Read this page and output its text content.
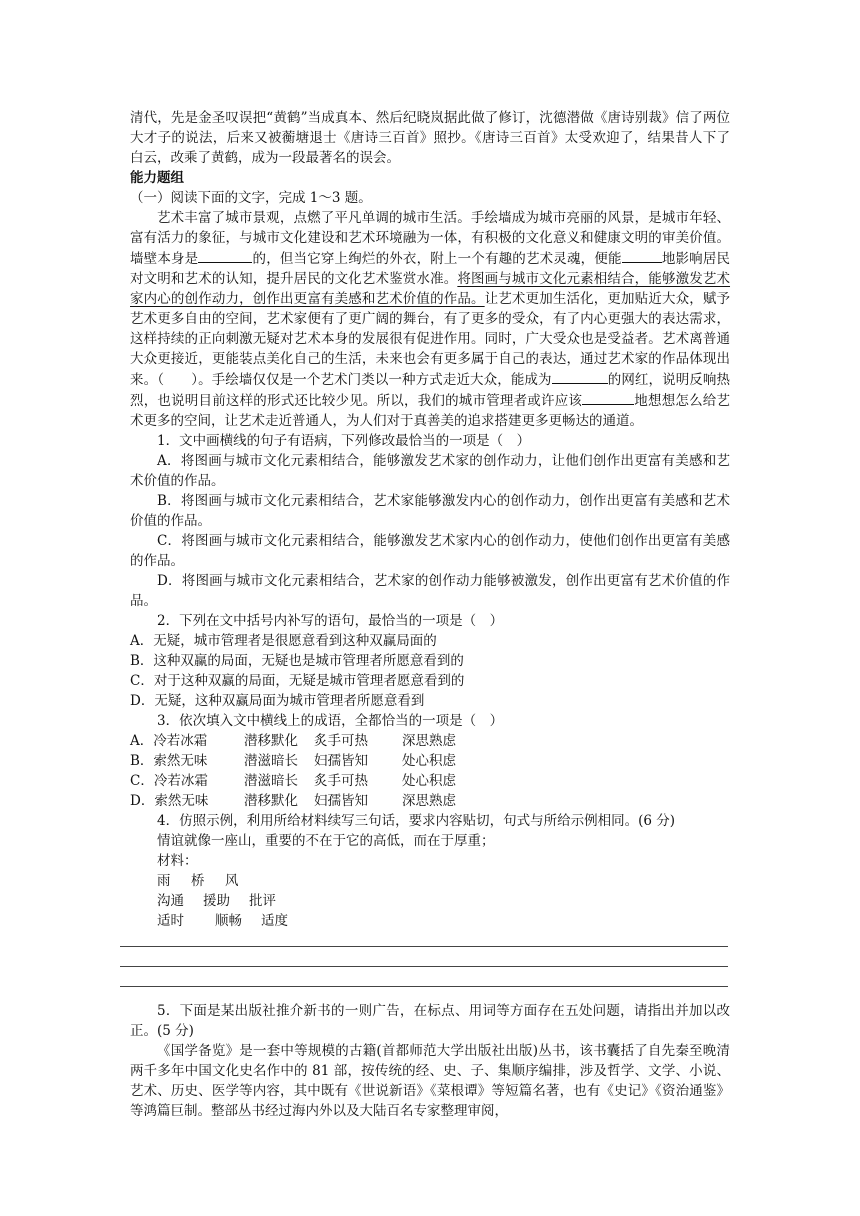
清代，先是金圣叹误把“黄鹤”当成真本、然后纪晓岚据此做了修订，沈德潜做《唐诗别裁》信了两位大才子的说法，后来又被蘅塘退士《唐诗三百首》照抄。《唐诗三百首》太受欢迎了，结果昔人下了白云，改乘了黄鹤，成为一段最著名的误会。

能力题组

（一）阅读下面的文字，完成 1～3 题。

艺术丰富了城市景观，点燃了平凡单调的城市生活。手绘墙成为城市亮丽的风景，是城市年轻、富有活力的象征，与城市文化建设和艺术环境融为一体，有积极的文化意义和健康文明的审美价值。墙壁本身是	的，但当它穿上绚烂的外衣，附上一个有趣的艺术灵魂，便能	地影响居民对文明和艺术的认知，提升居民的文化艺术鉴赏水准。将图画与城市文化元素相结合，能够激发艺术家内心的创作动力，创作出更富有美感和艺术价值的作品。让艺术更加生活化，更加贴近大众，赋予艺术更多自由的空间，艺术家便有了更广阔的舞台，有了更多的受众，有了内心更强大的表达需求，这样持续的正向刺激无疑对艺术本身的发展很有促进作用。同时，广大受众也是受益者。艺术离普通大众更接近，更能装点美化自己的生活，未来也会有更多属于自己的表达，通过艺术家的作品体现出来。（　　）。手绘墙仅仅是一个艺术门类以一种方式走近大众，能成为	的网红，说明反响热烈，也说明目前这样的形式还比较少见。所以，我们的城市管理者或许应该	地想想怎么给艺术更多的空间，让艺术走近普通人，为人们对于真善美的追求搭建更多更畅达的通道。

1．文中画横线的句子有语病，下列修改最恰当的一项是（　）

A．将图画与城市文化元素相结合，能够激发艺术家的创作动力，让他们创作出更富有美感和艺术价值的作品。

B．将图画与城市文化元素相结合，艺术家能够激发内心的创作动力，创作出更富有美感和艺术价值的作品。

C．将图画与城市文化元素相结合，能够激发艺术家内心的创作动力，使他们创作出更富有美感的作品。

D．将图画与城市文化元素相结合，艺术家的创作动力能够被激发，创作出更富有艺术价值的作品。

2．下列在文中括号内补写的语句，最恰当的一项是（　）

A．无疑，城市管理者是很愿意看到这种双赢局面的

B．这种双赢的局面，无疑也是城市管理者所愿意看到的

C．对于这种双赢的局面，无疑是城市管理者愿意看到的

D．无疑，这种双赢局面为城市管理者所愿意看到

3．依次填入文中横线上的成语，全都恰当的一项是（　）

A．冷若冰霜	潜移默化 炙手可热	深思熟虑
B．索然无味	潜滋暗长 妇孺皆知	处心积虑
C．冷若冰霜	潜滋暗长 炙手可热	处心积虑
D．索然无味	潜移默化 妇孺皆知	深思熟虑

4．仿照示例，利用所给材料续写三句话，要求内容贴切，句式与所给示例相同。(6 分)

情谊就像一座山，重要的不在于它的高低，而在于厚重；

材料：

雨 桥 风
沟通 援助 批评
适时 顺畅 适度

5．下面是某出版社推介新书的一则广告，在标点、用词等方面存在五处问题，请指出并加以改正。(5 分)

《国学备览》是一套中等规模的古籍(首都师范大学出版社出版)丛书，该书囊括了自先秦至晚清两千多年中国文化史名作中的 81 部，按传统的经、史、子、集顺序编排，涉及哲学、文学、小说、艺术、历史、医学等内容，其中既有《世说新语》《菜根谭》等短篇名著，也有《史记》《资治通鉴》等鸿篇巨制。整部丛书经过海内外以及大陆百名专家整理审阅，
